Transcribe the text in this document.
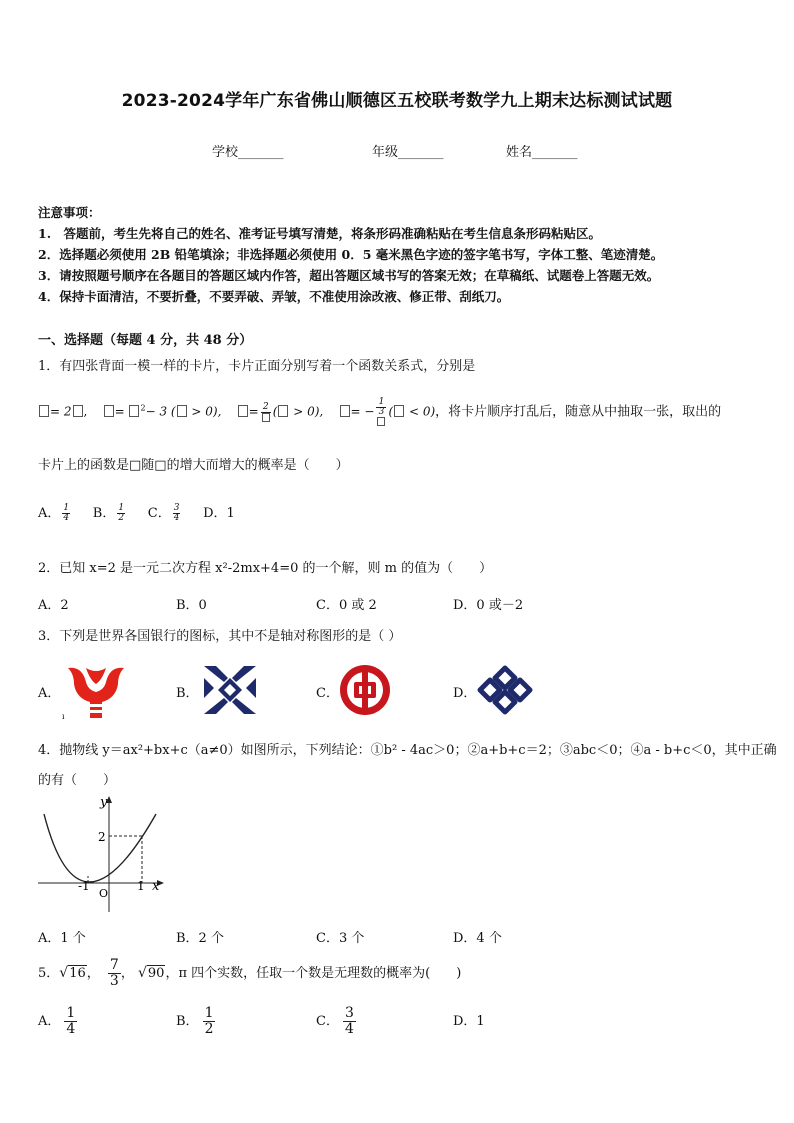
2023-2024学年广东省佛山顺德区五校联考数学九上期末达标测试试题
学校_______	年级_______	姓名_______
注意事项：
1.　答题前，考生先将自己的姓名、准考证号填写清楚，将条形码准确粘贴在考生信息条形码粘贴区。
2．选择题必须使用 2B 铅笔填涂；非选择题必须使用 0．5 毫米黑色字迹的签字笔书写，字体工整、笔迹清楚。
3．请按照题号顺序在各题目的答题区域内作答，超出答题区域书写的答案无效；在草稿纸、试题卷上答题无效。
4．保持卡面清洁，不要折叠，不要弄破、弄皱，不准使用涂改液、修正带、刮纸刀。
一、选择题（每题 4 分，共 48 分）
1．有四张背面一模一样的卡片，卡片正面分别写着一个函数关系式，分别是
= 2 ,    = $^2$− 3 ( > 0), = 2 ( > 0), = − $\frac{1}{3}$ ( < 0)，将卡片顺序打乱后，随意从中抽取一张，取出的
卡片上的函数是□随□的增大而增大的概率是（　　）
A． $\frac{1}{4}$ B． $\frac{1}{2}$ C． $\frac{3}{4}$ D．1
2．已知 x=2 是一元二次方程 x²-2mx+4=0 的一个解，则 m 的值为（　　）
A．2	B．0	C．0 或 2	D．0 或－2
3．下列是世界各国银行的图标，其中不是轴对称图形的是（ ）
A．	B．	C．	D．
ı
4．抛物线 y＝ax²+bx+c（a≠0）如图所示，下列结论：①b² - 4ac＞0；②a+b+c＝2；③abc＜0；④a - b+c＜0，其中正确
的有（　　）
y
x
2
-1	1
O
A．1 个	B．2 个	C．3 个	D．4 个
5．√16， $\frac{7}{3}$ ， √90，π 四个实数，任取一个数是无理数的概率为(　　)
A． $\frac{1}{4}$	B． $\frac{1}{2}$	C． $\frac{3}{4}$	D．1
